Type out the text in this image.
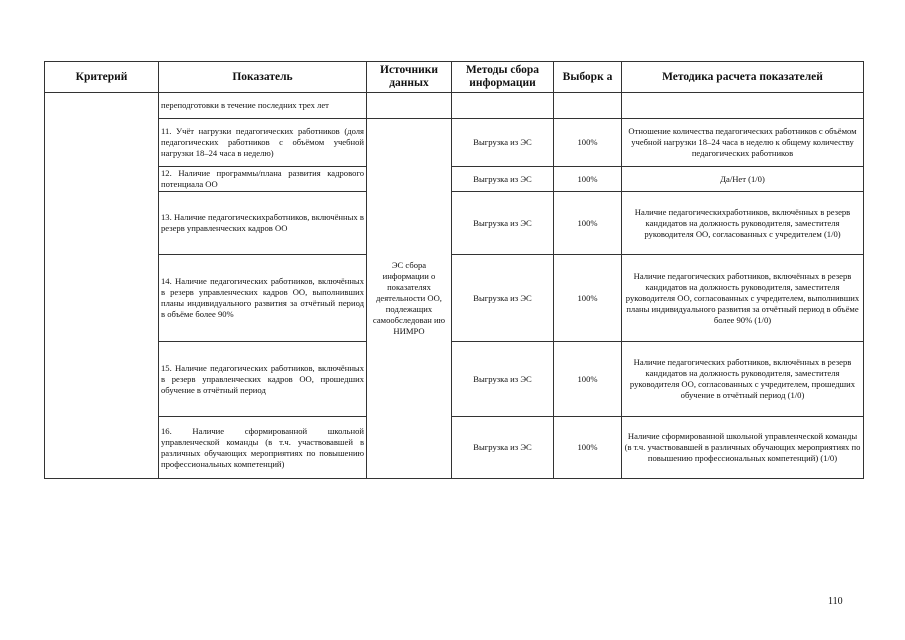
Критерий	Показатель	Источники данных	Методы сбора информации	Выборк а	Методика расчета показателей
	переподготовки в течение последних трех лет				
	11. Учёт нагрузки педагогических работников (доля педагогических работников с объёмом учебной нагрузки 18–24 часа в неделю)	ЭС сбора информации о показателях деятельности ОО, подлежащих самообследован ию НИМРО	Выгрузка из ЭС	100%	Отношение количества педагогических работников с объёмом учебной нагрузки 18–24 часа в неделю к общему количеству педагогических работников
	12. Наличие программы/плана развития кадрового потенциала ОО		Выгрузка из ЭС	100%	Да/Нет (1/0)
	13. Наличие педагогическихработников, включённых в резерв управленческих кадров ОО		Выгрузка из ЭС	100%	Наличие педагогическихработников, включённых в резерв кандидатов на должность руководителя, заместителя руководителя ОО, согласованных с учредителем (1/0)
	14. Наличие педагогических работников, включённых в резерв управленческих кадров ОО, выполнивших планы индивидуального развития за отчётный период в объёме более 90%		Выгрузка из ЭС	100%	Наличие педагогических работников, включённых в резерв кандидатов на должность руководителя, заместителя руководителя ОО, согласованных с учредителем, выполнивших планы индивидуального развития за отчётный период в объёме более 90% (1/0)
	15. Наличие педагогических работников, включённых в резерв управленческих кадров ОО, прошедших обучение в отчётный период		Выгрузка из ЭС	100%	Наличие педагогических работников, включённых в резерв кандидатов на должность руководителя, заместителя руководителя ОО, согласованных с учредителем, прошедших обучение в отчётный период (1/0)
	16. Наличие сформированной школьной управленческой команды (в т.ч. участвовавшей в различных обучающих мероприятиях по повышению профессиональных компетенций)		Выгрузка из ЭС	100%	Наличие сформированной школьной управленческой команды (в т.ч. участвовавшей в различных обучающих мероприятиях по повышению профессиональных компетенций) (1/0)
110
